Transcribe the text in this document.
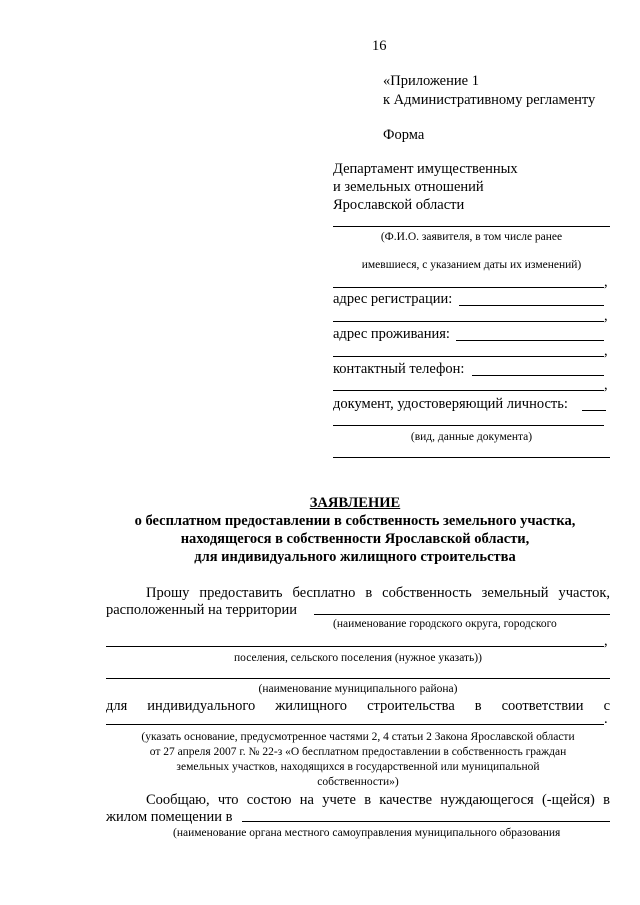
16
«Приложение 1
к Административному регламенту
Форма
Департамент имущественных
и земельных отношений
Ярославской области
(Ф.И.О. заявителя, в том числе ранее
имевшиеся, с указанием даты их изменений)
,
адрес регистрации:
,
адрес проживания:
,
контактный телефон:
,
документ, удостоверяющий личность:
(вид, данные документа)
ЗАЯВЛЕНИЕ
о бесплатном предоставлении в собственность земельного участка,
находящегося в собственности Ярославской области,
для индивидуального жилищного строительства
Прошу предоставить бесплатно в собственность земельный участок,
расположенный на территории
(наименование городского округа, городского
,
поселения, сельского поселения (нужное указать))
(наименование муниципального района)
для индивидуального жилищного строительства в соответствии с
.
(указать основание, предусмотренное частями 2, 4 статьи 2 Закона Ярославской области
от 27 апреля 2007 г. № 22-з «О бесплатном предоставлении в собственность граждан
земельных участков, находящихся в государственной или муниципальной
собственности»)
Сообщаю, что состою на учете в качестве нуждающегося (-щейся) в
жилом помещении в
(наименование органа местного самоуправления муниципального образования
